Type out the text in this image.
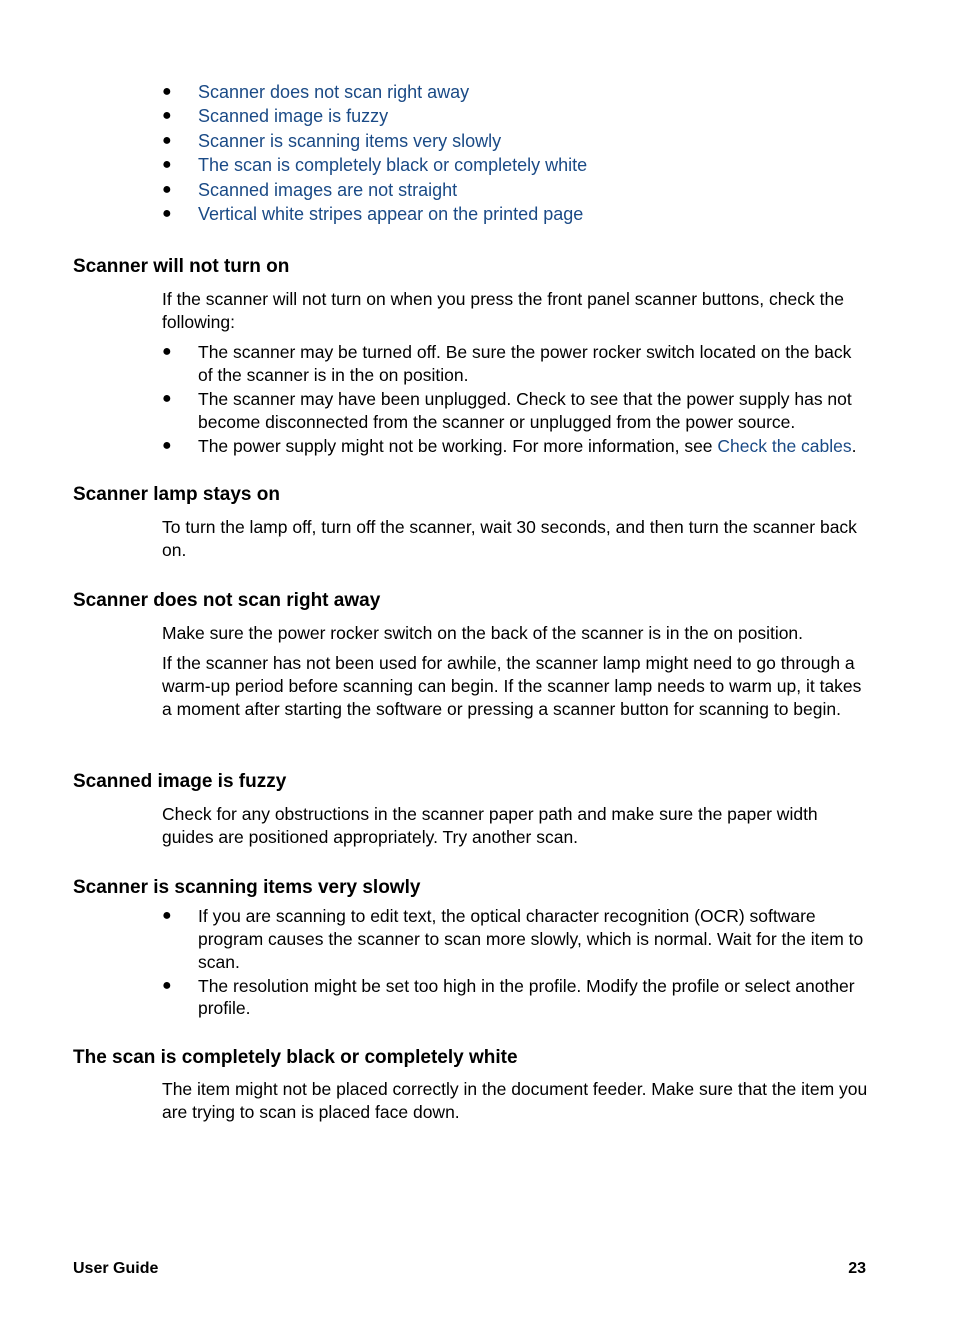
● Scanner does not scan right away
● Scanned image is fuzzy
● Scanner is scanning items very slowly
● The scan is completely black or completely white
● Scanned images are not straight
● Vertical white stripes appear on the printed page
Scanner will not turn on

If the scanner will not turn on when you press the front panel scanner buttons, check the following:

● The scanner may be turned off. Be sure the power rocker switch located on the back of the scanner is in the on position.
● The scanner may have been unplugged. Check to see that the power supply has not become disconnected from the scanner or unplugged from the power source.
● The power supply might not be working. For more information, see Check the cables.
Scanner lamp stays on

To turn the lamp off, turn off the scanner, wait 30 seconds, and then turn the scanner back on.

Scanner does not scan right away

Make sure the power rocker switch on the back of the scanner is in the on position.

If the scanner has not been used for awhile, the scanner lamp might need to go through a warm-up period before scanning can begin. If the scanner lamp needs to warm up, it takes a moment after starting the software or pressing a scanner button for scanning to begin.

Scanned image is fuzzy

Check for any obstructions in the scanner paper path and make sure the paper width guides are positioned appropriately. Try another scan.

Scanner is scanning items very slowly
● If you are scanning to edit text, the optical character recognition (OCR) software program causes the scanner to scan more slowly, which is normal. Wait for the item to scan.
● The resolution might be set too high in the profile. Modify the profile or select another profile.
The scan is completely black or completely white

The item might not be placed correctly in the document feeder. Make sure that the item you are trying to scan is placed face down.

User Guide	23
